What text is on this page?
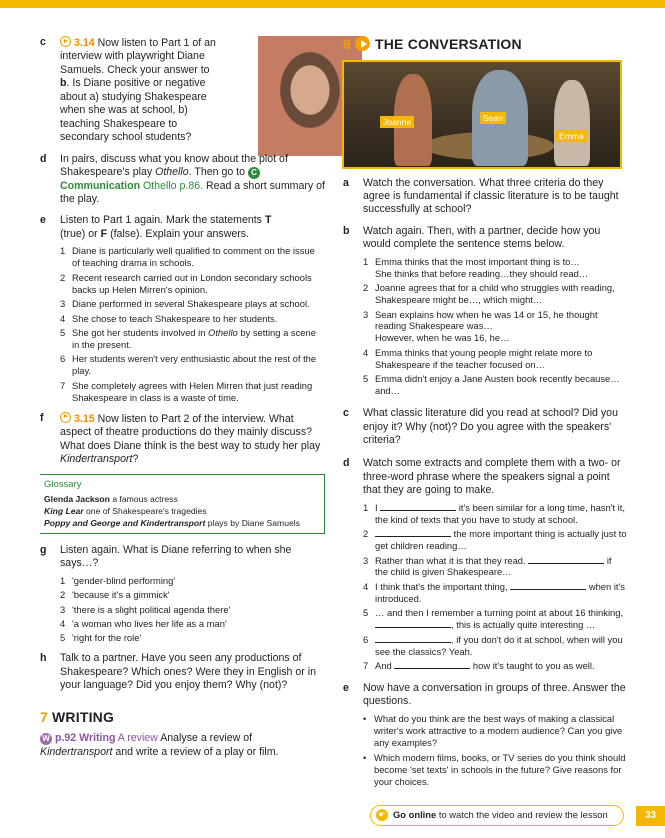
c	3.14 Now listen to Part 1 of an interview with playwright Diane Samuels. Check your answer to b. Is Diane positive or negative about a) studying Shakespeare when she was at school, b) teaching Shakespeare to secondary school students?
d In pairs, discuss what you know about the plot of Shakespeare's play Othello. Then go to CCommunication Othello p.86. Read a short summary of the play.
e Listen to Part 1 again. Mark the statements T
(true) or F (false). Explain your answers.
1 Diane is particularly well qualified to comment on the issue of teaching drama in schools.
2 Recent research carried out in London secondary schools backs up Helen Mirren's opinion.
3 Diane performed in several Shakespeare plays at school.
4 She chose to teach Shakespeare to her students.
5 She got her students involved in Othello by setting a scene in the present.
6 Her students weren't very enthusiastic about the rest of the play.
7 She completely agrees with Helen Mirren that just reading Shakespeare in class is a waste of time.
f	3.15 Now listen to Part 2 of the interview. What aspect of theatre productions do they mainly discuss? What does Diane think is the best way to study her play Kindertransport?
Glossary
Glenda Jackson a famous actress
King Lear one of Shakespeare's tragedies
Poppy and George and Kindertransport plays by Diane Samuels
g Listen again. What is Diane referring to when she says…?
1 'gender-blind performing'
2 'because it's a gimmick'
3 'there is a slight political agenda there'
4 'a woman who lives her life as a man'
5 'right for the role'
h Talk to a partner. Have you seen any productions of Shakespeare? Which ones? Were they in English or in your language? Did you enjoy them? Why (not)?
7 WRITING
W p.92 Writing A review Analyse a review of Kindertransport and write a review of a play or film.
8 THE CONVERSATION
Joanne	Sean
Emma
a Watch the conversation. What three criteria do they agree is fundamental if classic literature is to be taught successfully at school?
b Watch again. Then, with a partner, decide how you would complete the sentence stems below.
1 Emma thinks that the most important thing is to…
She thinks that before reading…they should read…
2 Joanne agrees that for a child who struggles with reading, Shakespeare might be…, which might…
3 Sean explains how when he was 14 or 15, he thought reading Shakespeare was…
However, when he was 16, he…
4 Emma thinks that young people might relate more to Shakespeare if the teacher focused on…
5 Emma didn't enjoy a Jane Austen book recently because…and…
c What classic literature did you read at school? Did you enjoy it? Why (not)? Do you agree with the speakers' criteria?
d Watch some extracts and complete them with a two- or three-word phrase where the speakers signal a point that they are going to make.
1 I	it's been similar for a long time, hasn't it, the kind of texts that you have to study at school.
2	the more important thing is actually just to get children reading…
3 Rather than what it is that they read.	if the child is given Shakespeare…
4 I think that's the important thing,	when it's introduced.
5 … and then I remember a turning point at about 16 thinking, , this is actually quite interesting …
6	, if you don't do it at school, when will you see the classics? Yeah.
7 And	how it's taught to you as well.
e Now have a conversation in groups of three. Answer the questions.
• What do you think are the best ways of making a classical writer's work attractive to a modern audience? Can you give any examples?
• Which modern films, books, or TV series do you think should become 'set texts' in schools in the future? Give reasons for your choices.
☛ Go online to watch the video and review the lesson	33
